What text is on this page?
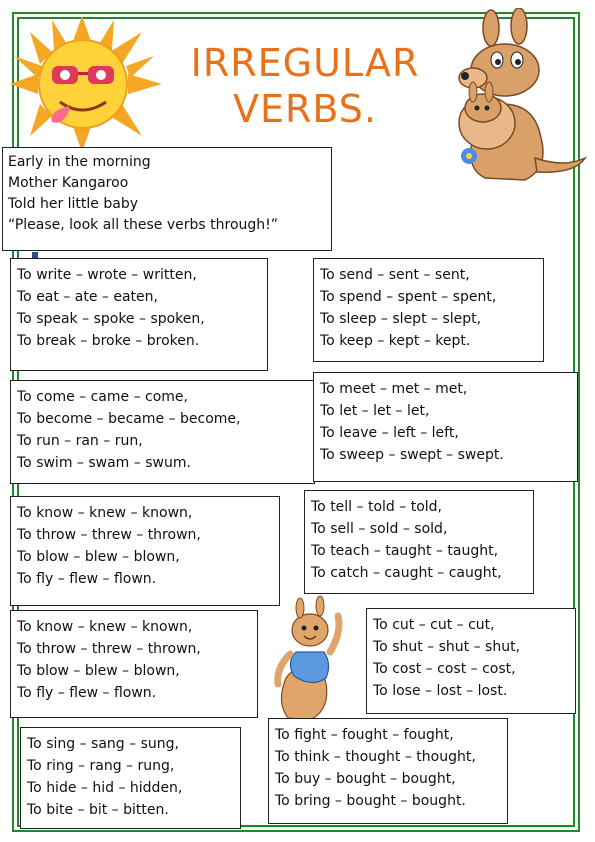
IRREGULAR
VERBS.
Early in the morning
Mother Kangaroo
Told her little baby
“Please, look all these verbs through!”
To write – wrote – written,
To eat – ate – eaten,
To speak – spoke – spoken,
To break – broke – broken.
To send – sent – sent,
To spend – spent – spent,
To sleep – slept – slept,
To keep – kept – kept.
To come – came – come,
To become – became – become,
To run – ran – run,
To swim – swam – swum.
To meet – met – met,
To let – let – let,
To leave – left – left,
To sweep – swept – swept.
To know – knew – known,
To throw – threw – thrown,
To blow – blew – blown,
To fly – flew – flown.
To tell – told – told,
To sell – sold – sold,
To teach – taught – taught,
To catch – caught – caught,
To know – knew – known,
To throw – threw – thrown,
To blow – blew – blown,
To fly – flew – flown.
To cut – cut – cut,
To shut – shut – shut,
To cost – cost – cost,
To lose – lost – lost.
To sing – sang – sung,
To ring – rang – rung,
To hide – hid – hidden,
To bite – bit – bitten.
To fight – fought – fought,
To think – thought – thought,
To buy – bought – bought,
To bring – bought – bought.
